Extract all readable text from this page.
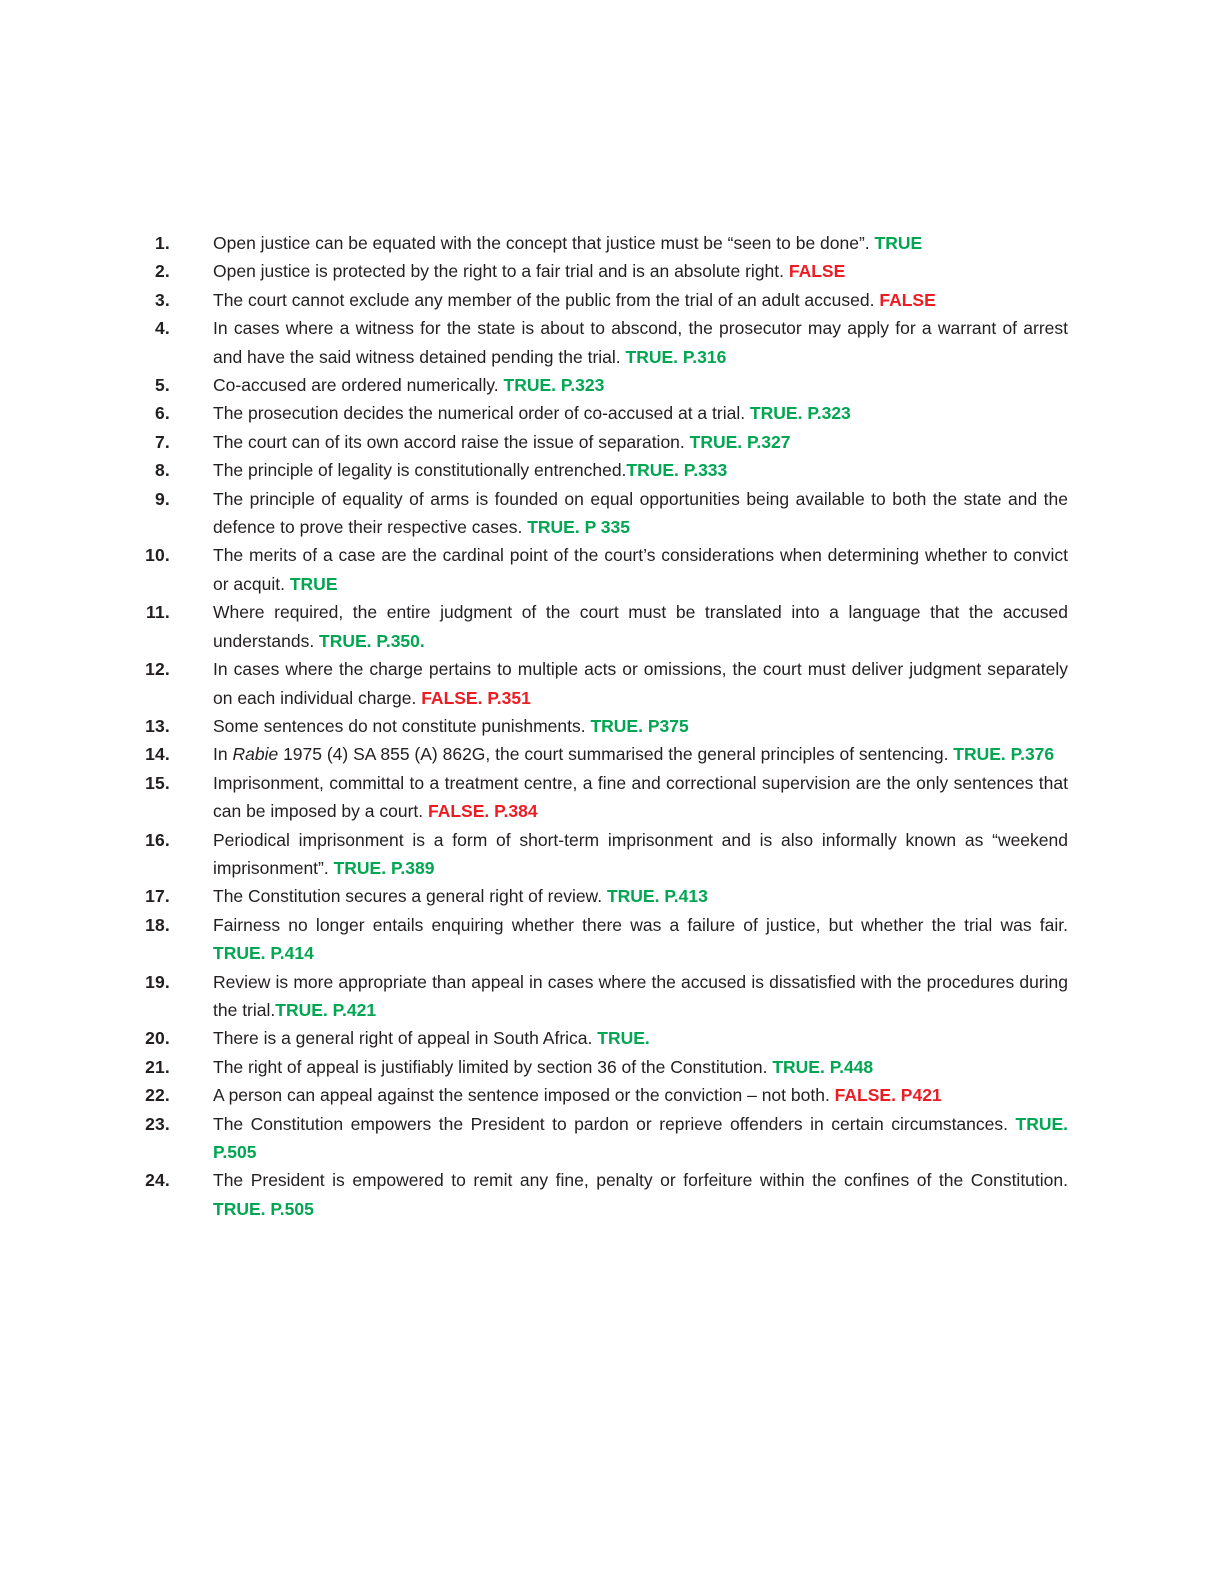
1. Open justice can be equated with the concept that justice must be “seen to be done”. TRUE
2. Open justice is protected by the right to a fair trial and is an absolute right. FALSE
3. The court cannot exclude any member of the public from the trial of an adult accused. FALSE
4. In cases where a witness for the state is about to abscond, the prosecutor may apply for a warrant of arrest and have the said witness detained pending the trial. TRUE. P.316
5. Co-accused are ordered numerically. TRUE. P.323
6. The prosecution decides the numerical order of co-accused at a trial. TRUE. P.323
7. The court can of its own accord raise the issue of separation. TRUE. P.327
8. The principle of legality is constitutionally entrenched.TRUE. P.333
9. The principle of equality of arms is founded on equal opportunities being available to both the state and the defence to prove their respective cases. TRUE. P 335
10. The merits of a case are the cardinal point of the court’s considerations when determining whether to convict or acquit. TRUE
11. Where required, the entire judgment of the court must be translated into a language that the accused understands. TRUE. P.350.
12. In cases where the charge pertains to multiple acts or omissions, the court must deliver judgment separately on each individual charge. FALSE. P.351
13. Some sentences do not constitute punishments. TRUE. P375
14. In Rabie 1975 (4) SA 855 (A) 862G, the court summarised the general principles of sentencing. TRUE. P.376
15. Imprisonment, committal to a treatment centre, a fine and correctional supervision are the only sentences that can be imposed by a court. FALSE. P.384
16. Periodical imprisonment is a form of short-term imprisonment and is also informally known as “weekend imprisonment”. TRUE. P.389
17. The Constitution secures a general right of review. TRUE. P.413
18. Fairness no longer entails enquiring whether there was a failure of justice, but whether the trial was fair. TRUE. P.414
19. Review is more appropriate than appeal in cases where the accused is dissatisfied with the procedures during the trial.TRUE. P.421
20. There is a general right of appeal in South Africa. TRUE.
21. The right of appeal is justifiably limited by section 36 of the Constitution. TRUE. P.448
22. A person can appeal against the sentence imposed or the conviction – not both. FALSE. P421
23. The Constitution empowers the President to pardon or reprieve offenders in certain circumstances. TRUE. P.505
24. The President is empowered to remit any fine, penalty or forfeiture within the confines of the Constitution. TRUE. P.505
